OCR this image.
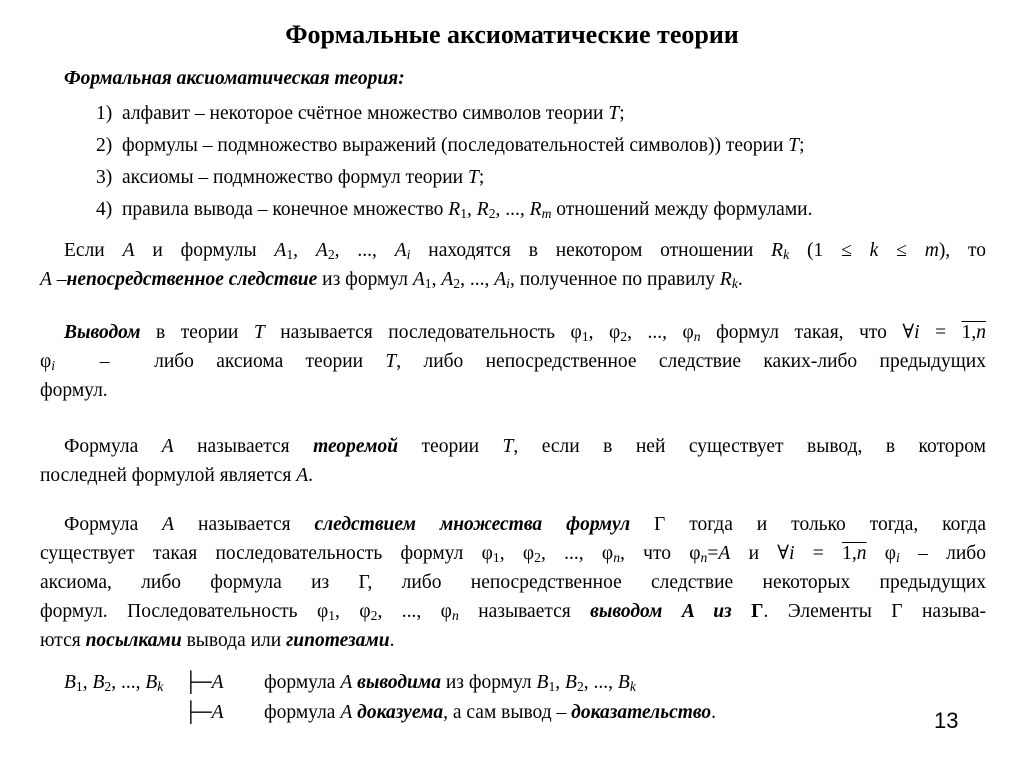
Формальные аксиоматические теории
Формальная аксиоматическая теория:
1) алфавит – некоторое счётное множество символов теории T;
2) формулы – подмножество выражений (последовательностей символов)) теории T;
3) аксиомы – подмножество формул теории T;
4) правила вывода – конечное множество $R_1$, $R_2$, ..., $R_m$ отношений между формулами.
Если A и формулы $A_1$, $A_2$, ..., $A_i$ находятся в некотором отношении $R_k$ (1 ≤ k ≤ m), то
A –непосредственное следствие из формул $A_1$, $A_2$, ..., $A_i$, полученное по правилу $R_k$.
Выводом в теории T называется последовательность $\varphi_1$, $\varphi_2$, ..., $\varphi_n$ формул такая, что ∀i = 1,n
$\varphi_i$  –  либо аксиома теории T, либо непосредственное следствие каких-либо предыдущих
формул.
Формула A называется теоремой теории T, если в ней существует вывод, в котором
последней формулой является A.
Формула A называется следствием множества формул Γ тогда и только тогда, когда
существует такая последовательность формул $\varphi_1$, $\varphi_2$, ..., $\varphi_n$, что $\varphi_n=A$ и ∀i = 1,n $\varphi_i$ – либо
аксиома, либо формула из Γ, либо непосредственное следствие некоторых предыдущих
формул. Последовательность $\varphi_1$, $\varphi_2$, ..., $\varphi_n$ называется выводом A из Γ. Элементы Γ называ-
ются посылками вывода или гипотезами.
$B_1$, $B_2$, ..., $B_k$ ├─A формула A выводима из формул $B_1$, $B_2$, ..., $B_k$
├─A формула A доказуема, а сам вывод – доказательство.	13
